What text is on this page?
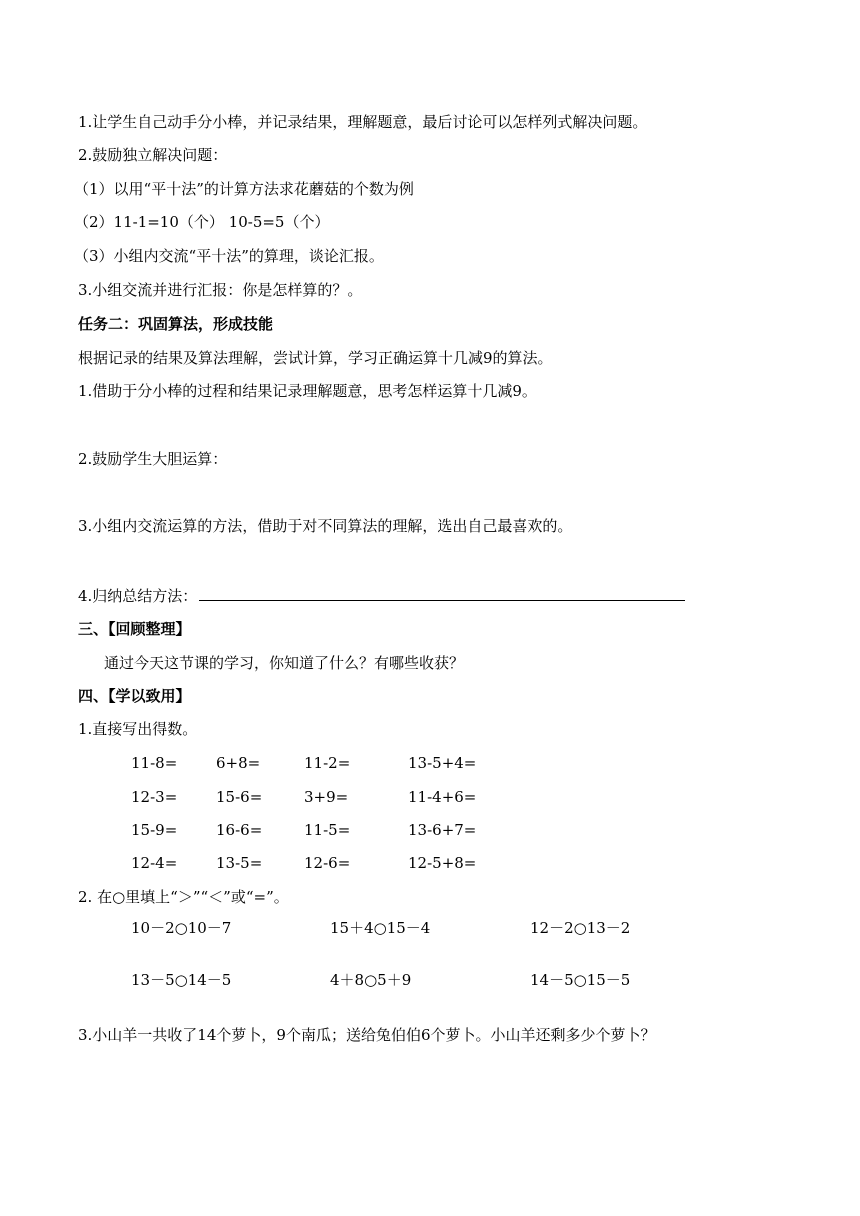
1.让学生自己动手分小棒，并记录结果，理解题意，最后讨论可以怎样列式解决问题。
2.鼓励独立解决问题：
（1）以用“平十法”的计算方法求花蘑菇的个数为例
（2）11-1=10（个） 10-5=5（个）
（3）小组内交流“平十法”的算理，谈论汇报。
3.小组交流并进行汇报：你是怎样算的？。
任务二：巩固算法，形成技能
根据记录的结果及算法理解，尝试计算，学习正确运算十几减9的算法。
1.借助于分小棒的过程和结果记录理解题意，思考怎样运算十几减9。
2.鼓励学生大胆运算：
3.小组内交流运算的方法，借助于对不同算法的理解，选出自己最喜欢的。
4.归纳总结方法：
三、【回顾整理】
通过今天这节课的学习，你知道了什么？有哪些收获？
四、【学以致用】
1.直接写出得数。
11-8=	6+8=	11-2=	13-5+4=
12-3=	15-6=	3+9=	11-4+6=
15-9=	16-6=	11-5=	13-6+7=
12-4=	13-5=	12-6=	12-5+8=
2. 在○里填上“＞”“＜”或“=”。
10－2○10－7	15＋4○15－4	12－2○13－2
13－5○14－5	4＋8○5＋9	14－5○15－5
3.小山羊一共收了14个萝卜，9个南瓜；送给兔伯伯6个萝卜。小山羊还剩多少个萝卜？
